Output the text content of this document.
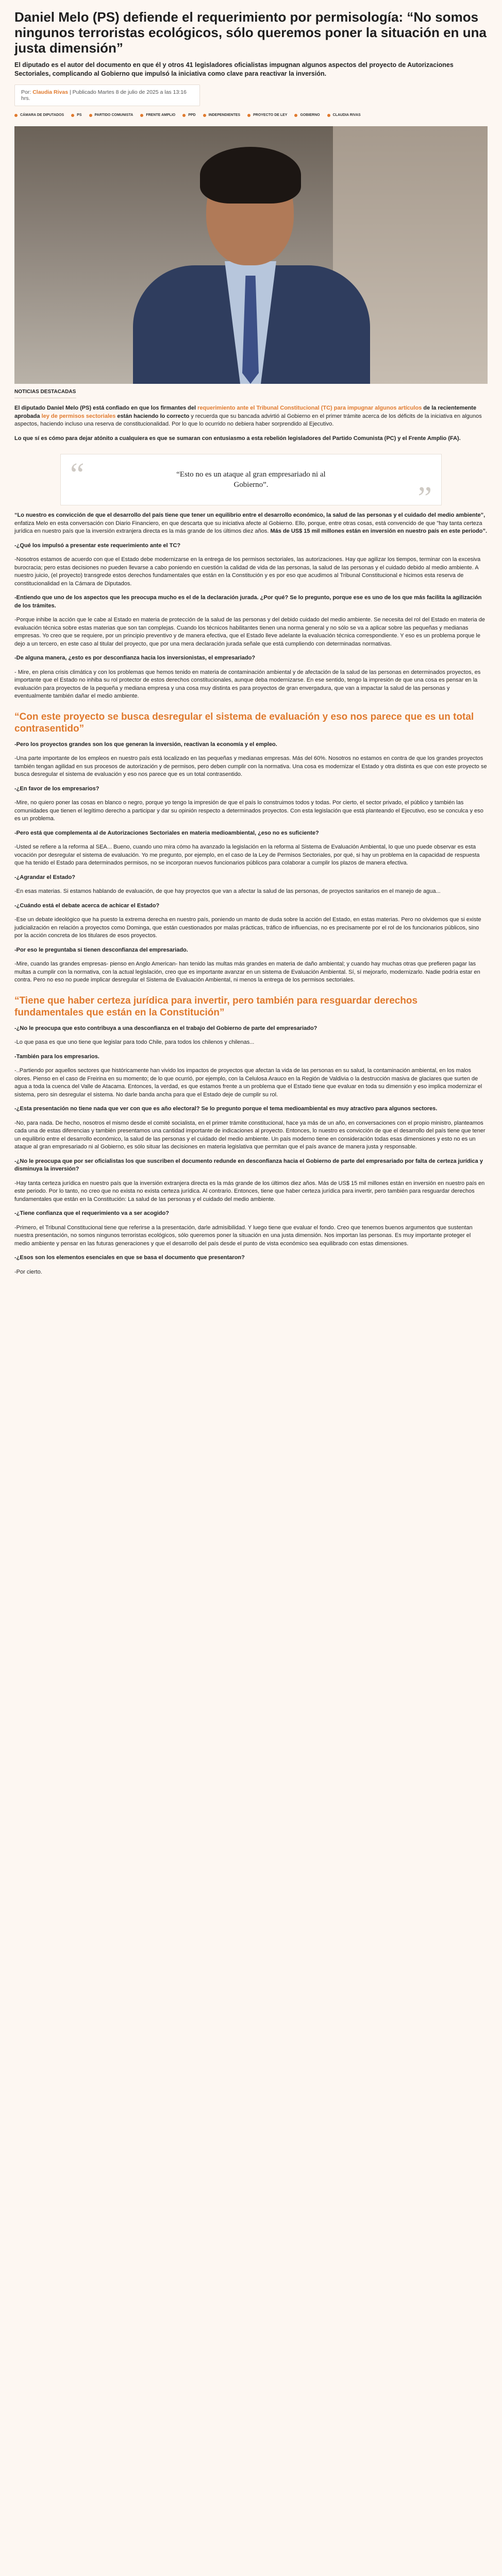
Daniel Melo (PS) defiende el requerimiento por permisología: “No somos ningunos terroristas ecológicos, sólo queremos poner la situación en una justa dimensión”

El diputado es el autor del documento en que él y otros 41 legisladores oficialistas impugnan algunos aspectos del proyecto de Autorizaciones Sectoriales, complicando al Gobierno que impulsó la iniciativa como clave para reactivar la inversión.

Por: Claudia Rivas | Publicado Martes 8 de julio de 2025 a las 13:16 hrs.
CÁMARA DE DIPUTADOS	PS	PARTIDO COMUNISTA	FRENTE AMPLIO	PPD	INDEPENDIENTES	PROYECTO DE LEY	GOBIERNO	CLAUDIA RIVAS
NOTICIAS DESTACADAS

El diputado Daniel Melo (PS) está confiado en que los firmantes del requerimiento ante el Tribunal Constitucional (TC) para impugnar algunos artículos de la recientemente aprobada ley de permisos sectoriales están haciendo lo correcto y recuerda que su bancada advirtió al Gobierno en el primer trámite acerca de los déficits de la iniciativa en algunos aspectos, haciendo incluso una reserva de constitucionalidad. Por lo que lo ocurrido no debiera haber sorprendido al Ejecutivo.

Lo que sí es cómo para dejar atónito a cualquiera es que se sumaran con entusiasmo a esta rebelión legisladores del Partido Comunista (PC) y el Frente Amplio (FA).

“	“Esto no es un ataque al gran empresariado ni al Gobierno”.	”

“Lo nuestro es convicción de que el desarrollo del país tiene que tener un equilibrio entre el desarrollo económico, la salud de las personas y el cuidado del medio ambiente”, enfatiza Melo en esta conversación con Diario Financiero, en que descarta que su iniciativa afecte al Gobierno. Ello, porque, entre otras cosas, está convencido de que "hay tanta certeza jurídica en nuestro país que la inversión extranjera directa es la más grande de los últimos diez años. Más de US$ 15 mil millones están en inversión en nuestro país en este periodo”.

-¿Qué los impulsó a presentar este requerimiento ante el TC?

-Nosotros estamos de acuerdo con que el Estado debe modernizarse en la entrega de los permisos sectoriales, las autorizaciones. Hay que agilizar los tiempos, terminar con la excesiva burocracia; pero estas decisiones no pueden llevarse a cabo poniendo en cuestión la calidad de vida de las personas, la salud de las personas y el cuidado debido al medio ambiente. A nuestro juicio, (el proyecto) transgrede estos derechos fundamentales que están en la Constitución y es por eso que acudimos al Tribunal Constitucional e hicimos esta reserva de constitucionalidad en la Cámara de Diputados.

-Entiendo que uno de los aspectos que les preocupa mucho es el de la declaración jurada. ¿Por qué? Se lo pregunto, porque ese es uno de los que más facilita la agilización de los trámites.

-Porque inhibe la acción que le cabe al Estado en materia de protección de la salud de las personas y del debido cuidado del medio ambiente. Se necesita del rol del Estado en materia de evaluación técnica sobre estas materias que son tan complejas. Cuando los técnicos habilitantes tienen una norma general y no sólo se va a aplicar sobre las pequeñas y medianas empresas. Yo creo que se requiere, por un principio preventivo y de manera efectiva, que el Estado lleve adelante la evaluación técnica correspondiente. Y eso es un problema porque le dejo a un tercero, en este caso al titular del proyecto, que por una mera declaración jurada señale que está cumpliendo con determinadas normativas.

-De alguna manera, ¿esto es por desconfianza hacia los inversionistas, el empresariado?

- Mire, en plena crisis climática y con los problemas que hemos tenido en materia de contaminación ambiental y de afectación de la salud de las personas en determinados proyectos, es importante que el Estado no inhiba su rol protector de estos derechos constitucionales, aunque deba modernizarse. En ese sentido, tengo la impresión de que una cosa es pensar en la evaluación para proyectos de la pequeña y mediana empresa y una cosa muy distinta es para proyectos de gran envergadura, que van a impactar la salud de las personas y eventualmente también dañar el medio ambiente.

“Con este proyecto se busca desregular el sistema de evaluación y eso nos parece que es un total contrasentido”

-Pero los proyectos grandes son los que generan la inversión, reactivan la economía y el empleo.

-Una parte importante de los empleos en nuestro país está localizado en las pequeñas y medianas empresas. Más del 60%. Nosotros no estamos en contra de que los grandes proyectos también tengan agilidad en sus procesos de autorización y de permisos, pero deben cumplir con la normativa. Una cosa es modernizar el Estado y otra distinta es que con este proyecto se busca desregular el sistema de evaluación y eso nos parece que es un total contrasentido.

-¿En favor de los empresarios?

-Mire, no quiero poner las cosas en blanco o negro, porque yo tengo la impresión de que el país lo construimos todos y todas. Por cierto, el sector privado, el público y también las comunidades que tienen el legítimo derecho a participar y dar su opinión respecto a determinados proyectos. Con esta legislación que está planteando el Ejecutivo, eso se conculca y eso es un problema.

-Pero está que complementa al de Autorizaciones Sectoriales en materia medioambiental, ¿eso no es suficiente?

-Usted se refiere a la reforma al SEA... Bueno, cuando uno mira cómo ha avanzado la legislación en la reforma al Sistema de Evaluación Ambiental, lo que uno puede observar es esta vocación por desregular el sistema de evaluación. Yo me pregunto, por ejemplo, en el caso de la Ley de Permisos Sectoriales, por qué, si hay un problema en la capacidad de respuesta que ha tenido el Estado para determinados permisos, no se incorporan nuevos funcionarios públicos para colaborar a cumplir los plazos de manera efectiva.

-¿Agrandar el Estado?

-En esas materias. Si estamos hablando de evaluación, de que hay proyectos que van a afectar la salud de las personas, de proyectos sanitarios en el manejo de agua...

-¿Cuándo está el debate acerca de achicar el Estado?

-Ese un debate ideológico que ha puesto la extrema derecha en nuestro país, poniendo un manto de duda sobre la acción del Estado, en estas materias. Pero no olvidemos que si existe judicialización en relación a proyectos como Dominga, que están cuestionados por malas prácticas, tráfico de influencias, no es precisamente por el rol de los funcionarios públicos, sino por la acción concreta de los titulares de esos proyectos.

-Por eso le preguntaba si tienen desconfianza del empresariado.

-Mire, cuando las grandes empresas- pienso en Anglo American- han tenido las multas más grandes en materia de daño ambiental; y cuando hay muchas otras que prefieren pagar las multas a cumplir con la normativa, con la actual legislación, creo que es importante avanzar en un sistema de Evaluación Ambiental. Sí, sí mejorarlo, modernizarlo. Nadie podría estar en contra. Pero no eso no puede implicar desregular el Sistema de Evaluación Ambiental, ni menos la entrega de los permisos sectoriales.

“Tiene que haber certeza jurídica para invertir, pero también para resguardar derechos fundamentales que están en la Constitución”

-¿No le preocupa que esto contribuya a una desconfianza en el trabajo del Gobierno de parte del empresariado?

-Lo que pasa es que uno tiene que legislar para todo Chile, para todos los chilenos y chilenas...

-También para los empresarios.

-..Partiendo por aquellos sectores que históricamente han vivido los impactos de proyectos que afectan la vida de las personas en su salud, la contaminación ambiental, en los malos olores. Pienso en el caso de Freirina en su momento; de lo que ocurrió, por ejemplo, con la Celulosa Arauco en la Región de Valdivia o la destrucción masiva de glaciares que surten de agua a toda la cuenca del Valle de Atacama. Entonces, la verdad, es que estamos frente a un problema que el Estado tiene que evaluar en toda su dimensión y eso implica modernizar el sistema, pero sin desregular el sistema. No darle banda ancha para que el Estado deje de cumplir su rol.

-¿Esta presentación no tiene nada que ver con que es año electoral? Se lo pregunto porque el tema medioambiental es muy atractivo para algunos sectores.

-No, para nada. De hecho, nosotros el mismo desde el comité socialista, en el primer trámite constitucional, hace ya más de un año, en conversaciones con el propio ministro, planteamos cada una de estas diferencias y también presentamos una cantidad importante de indicaciones al proyecto. Entonces, lo nuestro es convicción de que el desarrollo del país tiene que tener un equilibrio entre el desarrollo económico, la salud de las personas y el cuidado del medio ambiente. Un país moderno tiene en consideración todas esas dimensiones y esto no es un ataque al gran empresariado ni al Gobierno, es sólo situar las decisiones en materia legislativa que permitan que el país avance de manera justa y responsable.

-¿No le preocupa que por ser oficialistas los que suscriben el documento redunde en desconfianza hacia el Gobierno de parte del empresariado por falta de certeza jurídica y disminuya la inversión?

-Hay tanta certeza jurídica en nuestro país que la inversión extranjera directa es la más grande de los últimos diez años. Más de US$ 15 mil millones están en inversión en nuestro país en este periodo. Por lo tanto, no creo que no exista no exista certeza jurídica. Al contrario. Entonces, tiene que haber certeza jurídica para invertir, pero también para resguardar derechos fundamentales que están en la Constitución: La salud de las personas y el cuidado del medio ambiente.

-¿Tiene confianza que el requerimiento va a ser acogido?

-Primero, el Tribunal Constitucional tiene que referirse a la presentación, darle admisibilidad. Y luego tiene que evaluar el fondo. Creo que tenemos buenos argumentos que sustentan nuestra presentación, no somos ningunos terroristas ecológicos, sólo queremos poner la situación en una justa dimensión. Nos importan las personas. Es muy importante proteger el medio ambiente y pensar en las futuras generaciones y que el desarrollo del país desde el punto de vista económico sea equilibrado con estas dimensiones.

-¿Esos son los elementos esenciales en que se basa el documento que presentaron?

-Por cierto.
